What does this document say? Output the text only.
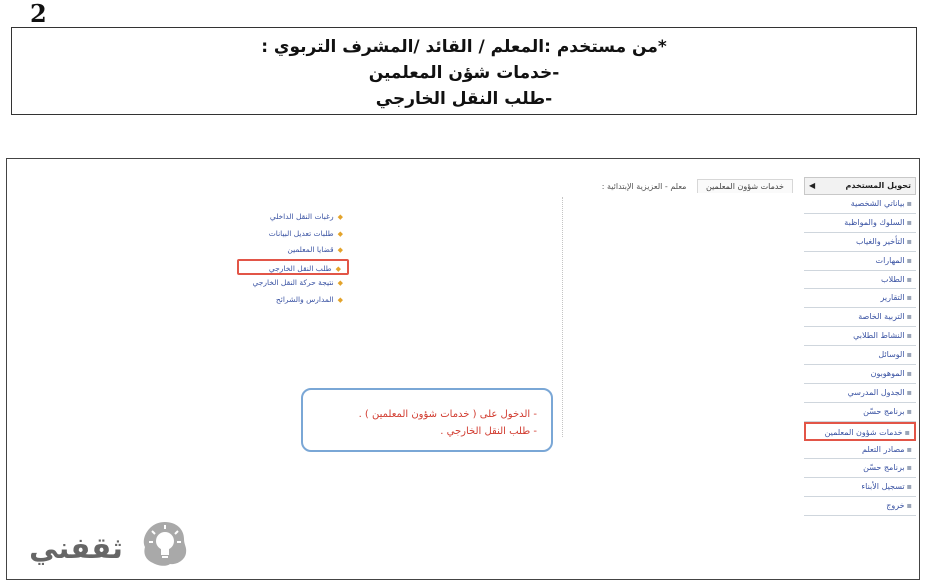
2
*من مستخدم :المعلم / القائد /المشرف التربوي :
-خدمات شؤن المعلمين
-طلب النقل الخارجي
خدمات شؤون المعلمين معلم - العزيزية الإبتدائية :	تحويل المستخدم
◀
▪بياناتي الشخصية
▪السلوك والمواظبة
▪التأخير والغياب
▪المهارات
▪الطلاب
▪التقارير
▪التربية الخاصة
▪النشاط الطلابي
▪الوسائل
▪الموهوبون
▪الجدول المدرسي
▪برنامج حسّن
▪خدمات شؤون المعلمين
▪مصادر التعلم
▪برنامج حسّن
▪تسجيل الأبناء
▪خروج
◆رغبات النقل الداخلي
◆طلبات تعديل البيانات
◆قضايا المعلمين
◆طلب النقل الخارجي
◆نتيجة حركة النقل الخارجي
◆المدارس والشرائح
- الدخول على ( خدمات شؤون المعلمين ) .
- طلب النقل الخارجي .
ثقفني
